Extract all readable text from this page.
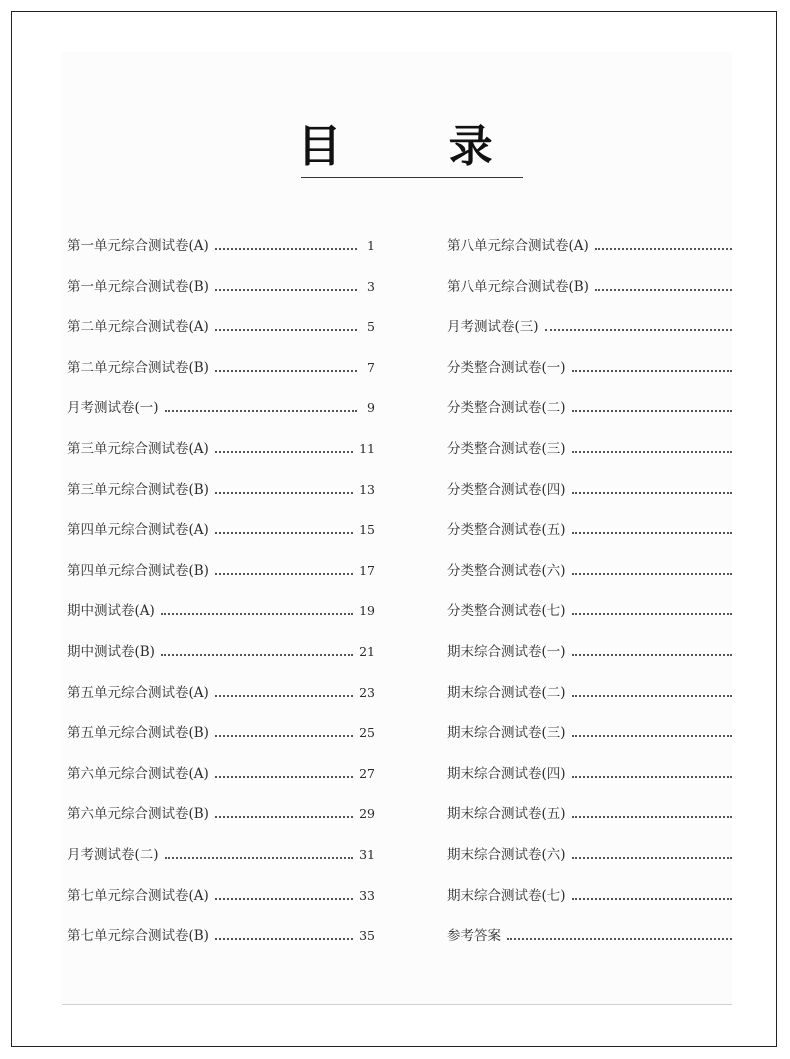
目 录
第一单元综合测试卷(A)	1
第一单元综合测试卷(B)	3
第二单元综合测试卷(A)	5
第二单元综合测试卷(B)	7
月考测试卷(一)	9
第三单元综合测试卷(A)	11
第三单元综合测试卷(B)	13
第四单元综合测试卷(A)	15
第四单元综合测试卷(B)	17
期中测试卷(A)	19
期中测试卷(B)	21
第五单元综合测试卷(A)	23
第五单元综合测试卷(B)	25
第六单元综合测试卷(A)	27
第六单元综合测试卷(B)	29
月考测试卷(二)	31
第七单元综合测试卷(A)	33
第七单元综合测试卷(B)	35
第八单元综合测试卷(A)
第八单元综合测试卷(B)
月考测试卷(三)
分类整合测试卷(一)
分类整合测试卷(二)
分类整合测试卷(三)
分类整合测试卷(四)
分类整合测试卷(五)
分类整合测试卷(六)
分类整合测试卷(七)
期末综合测试卷(一)
期末综合测试卷(二)
期末综合测试卷(三)
期末综合测试卷(四)
期末综合测试卷(五)
期末综合测试卷(六)
期末综合测试卷(七)
参考答案
